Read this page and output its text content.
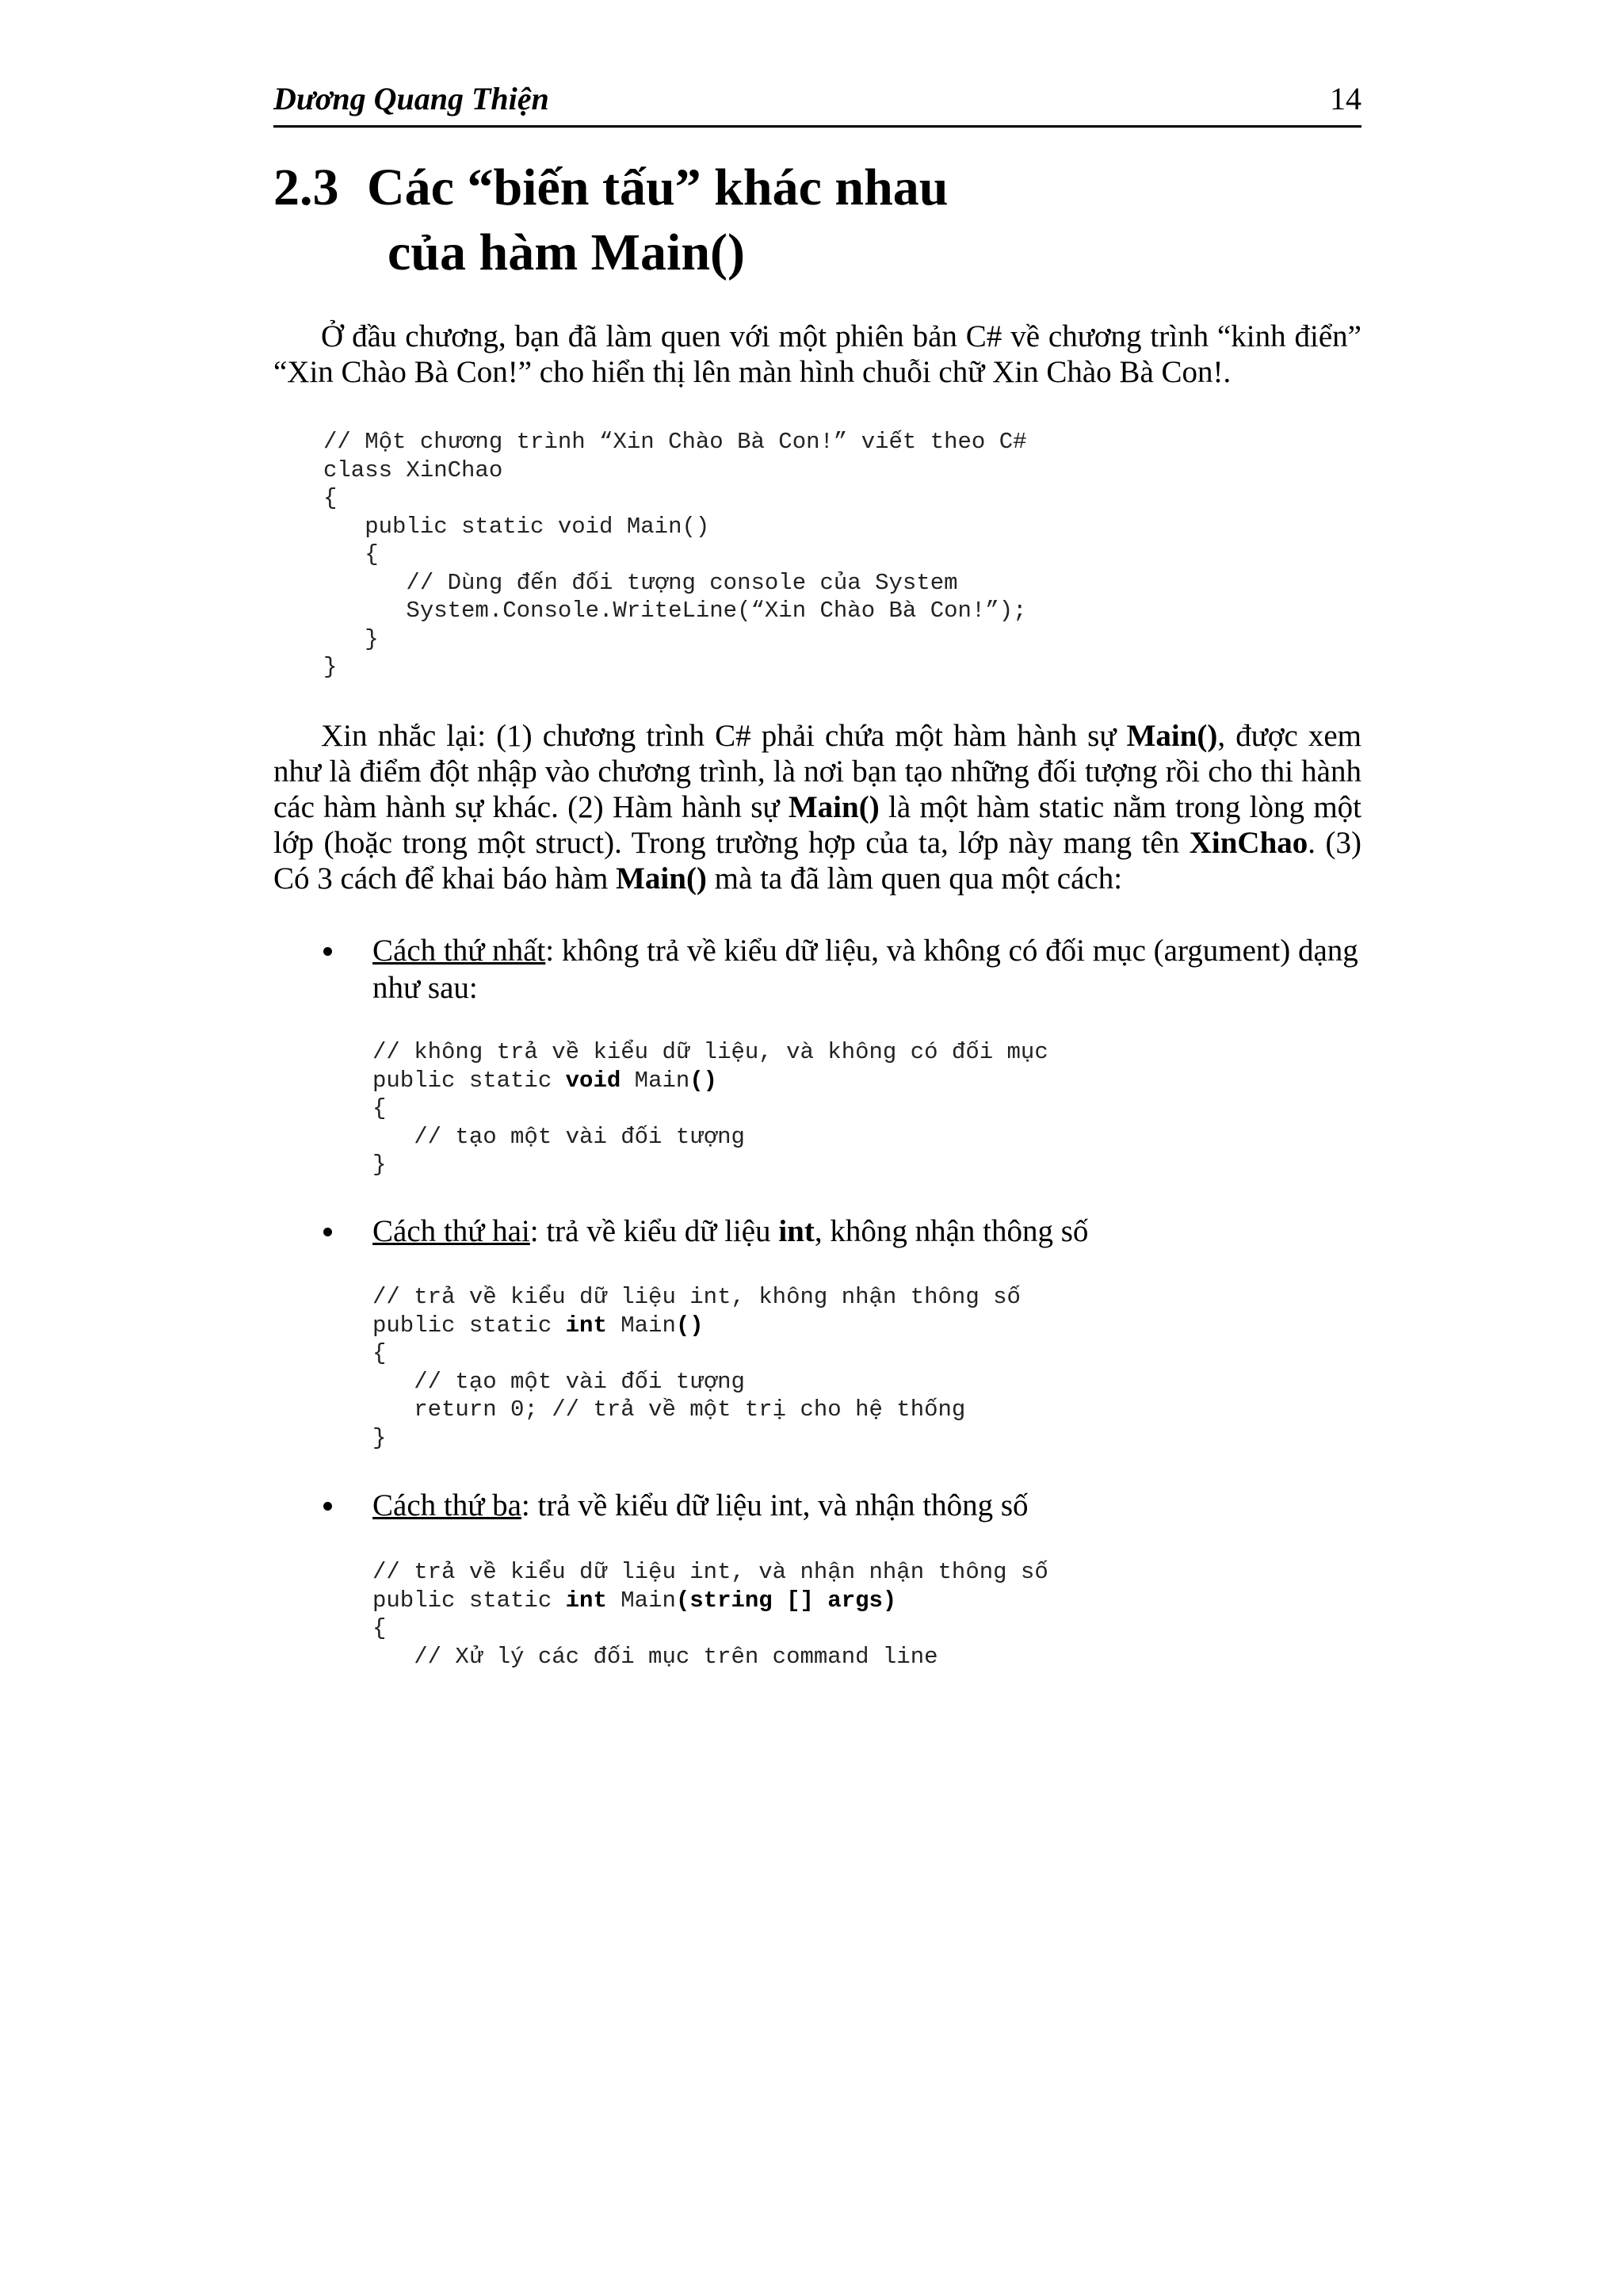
Dương Quang Thiện	14
2.3 Các “biến tấu” khác nhau
của hàm Main()
Ở đầu chương, bạn đã làm quen với một phiên bản C# về chương trình “kinh điển” “Xin Chào Bà Con!” cho hiển thị lên màn hình chuỗi chữ Xin Chào Bà Con!.
// Một chương trình “Xin Chào Bà Con!” viết theo C#
class XinChao
{
public static void Main()
{
// Dùng đến đối tượng console của System
System.Console.WriteLine(“Xin Chào Bà Con!”);
}
}
Xin nhắc lại: (1) chương trình C# phải chứa một hàm hành sự Main(), được xem như là điểm đột nhập vào chương trình, là nơi bạn tạo những đối tượng rồi cho thi hành các hàm hành sự khác. (2) Hàm hành sự Main() là một hàm static nằm trong lòng một lớp (hoặc trong một struct). Trong trường hợp của ta, lớp này mang tên XinChao. (3) Có 3 cách để khai báo hàm Main() mà ta đã làm quen qua một cách:
Cách thứ nhất: không trả về kiểu dữ liệu, và không có đối mục (argument) dạng như sau:
// không trả về kiểu dữ liệu, và không có đối mục
public static void Main()
{
// tạo một vài đối tượng
}
Cách thứ hai: trả về kiểu dữ liệu int, không nhận thông số
// trả về kiểu dữ liệu int, không nhận thông số
public static int Main()
{
// tạo một vài đối tượng
return 0; // trả về một trị cho hệ thống
}
Cách thứ ba: trả về kiểu dữ liệu int, và nhận thông số
// trả về kiểu dữ liệu int, và nhận nhận thông số
public static int Main(string [] args)
{
// Xử lý các đối mục trên command line
